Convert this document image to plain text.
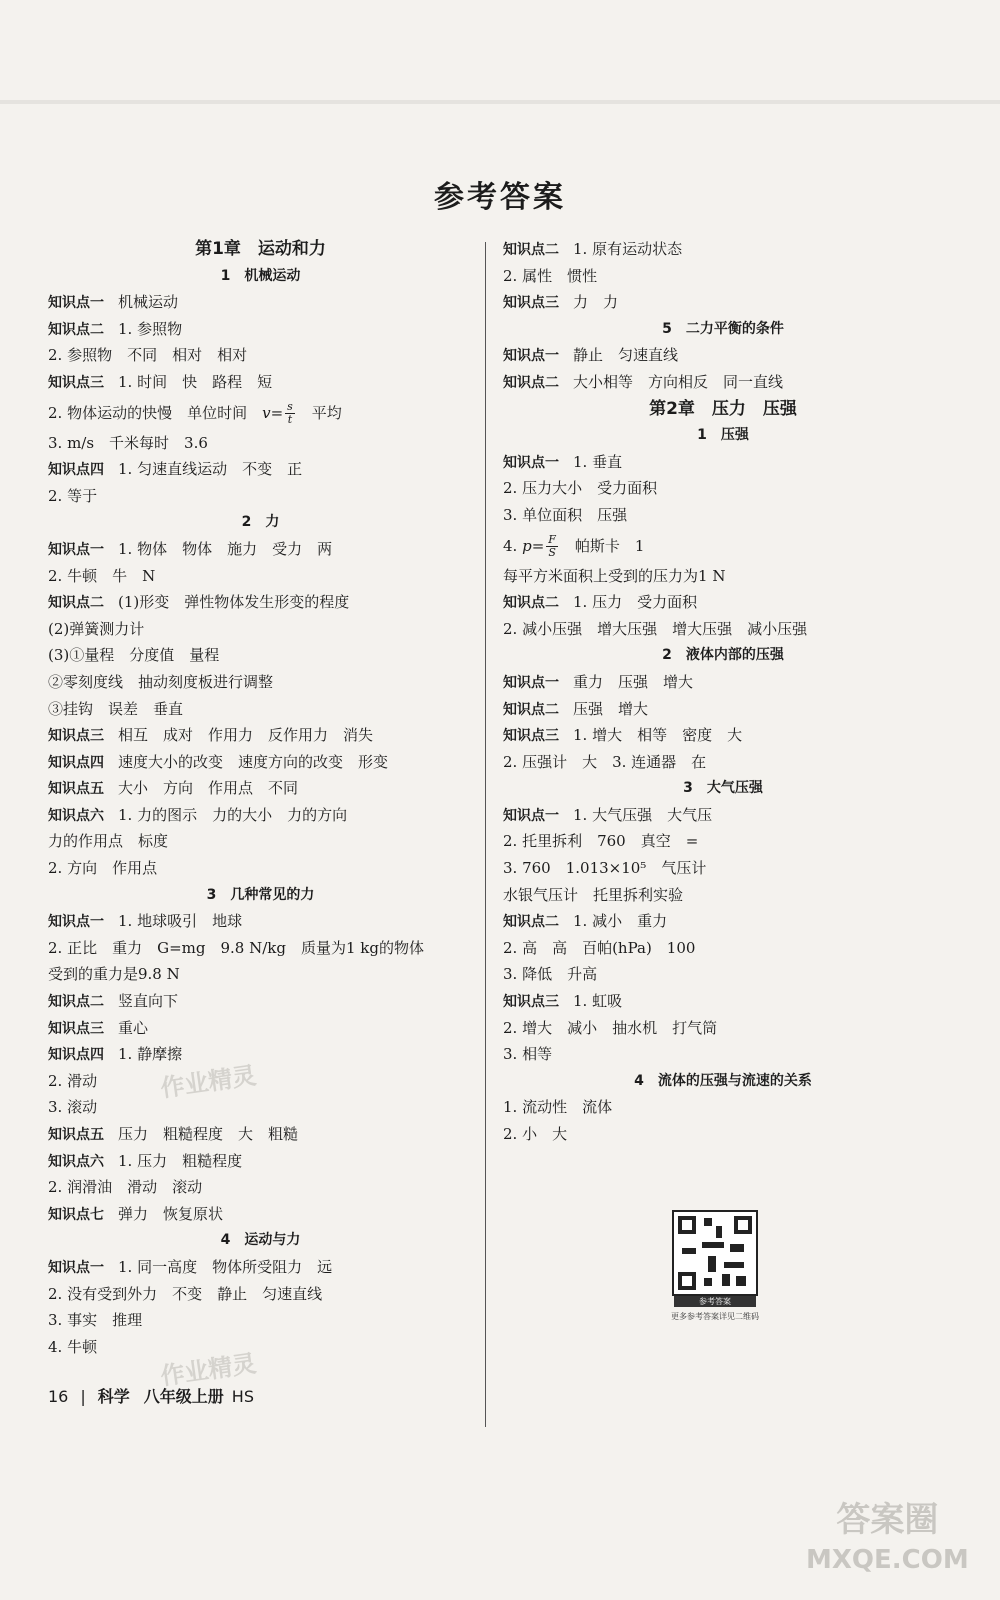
参考答案
第1章　运动和力
1　机械运动
知识点一 机械运动
知识点二 1. 参照物
2. 参照物　不同　相对　相对
知识点三 1. 时间　快　路程　短
2. 物体运动的快慢　单位时间　$v= \frac{s}{t}$ 　平均
3. m/s　千米每时　3.6
知识点四 1. 匀速直线运动　不变　正
2. 等于
2　力
知识点一 1. 物体　物体　施力　受力　两
2. 牛顿　牛　N
知识点二 (1)形变　弹性物体发生形变的程度
(2)弹簧测力计
(3)①量程　分度值　量程
②零刻度线　抽动刻度板进行调整
③挂钩　误差　垂直
知识点三 相互　成对　作用力　反作用力　消失
知识点四 速度大小的改变　速度方向的改变　形变
知识点五 大小　方向　作用点　不同
知识点六 1. 力的图示　力的大小　力的方向
力的作用点　标度
2. 方向　作用点
3　几种常见的力
知识点一 1. 地球吸引　地球
2. 正比　重力　G=mg　9.8 N/kg　质量为1 kg的物体
受到的重力是9.8 N
知识点二 竖直向下
知识点三 重心
知识点四 1. 静摩擦
2. 滑动
3. 滚动
知识点五 压力　粗糙程度　大　粗糙
知识点六 1. 压力　粗糙程度
2. 润滑油　滑动　滚动
知识点七 弹力　恢复原状
4　运动与力
知识点一 1. 同一高度　物体所受阻力　远
2. 没有受到外力　不变　静止　匀速直线
3. 事实　推理
4. 牛顿
知识点二 1. 原有运动状态
2. 属性　惯性
知识点三 力　力
5　二力平衡的条件
知识点一 静止　匀速直线
知识点二 大小相等　方向相反　同一直线
第2章　压力　压强
1　压强
知识点一 1. 垂直
2. 压力大小　受力面积
3. 单位面积　压强
4. $p= \frac{F}{S}$ 　帕斯卡　1
每平方米面积上受到的压力为1 N
知识点二 1. 压力　受力面积
2. 减小压强　增大压强　增大压强　减小压强
2　液体内部的压强
知识点一 重力　压强　增大
知识点二 压强　增大
知识点三 1. 增大　相等　密度　大
2. 压强计　大　3. 连通器　在
3　大气压强
知识点一 1. 大气压强　大气压
2. 托里拆利　760　真空　=
3. 760　1.013×10⁵　气压计
水银气压计　托里拆利实验
知识点二 1. 减小　重力
2. 高　高　百帕(hPa)　100
3. 降低　升高
知识点三 1. 虹吸
2. 增大　减小　抽水机　打气筒
3. 相等
4　流体的压强与流速的关系
1. 流动性　流体
2. 小　大
作业精灵
作业精灵
参考答案
更多参考答案详见二维码
16 | 科学 八年级上册 HS
答案圈
MXQE.COM
